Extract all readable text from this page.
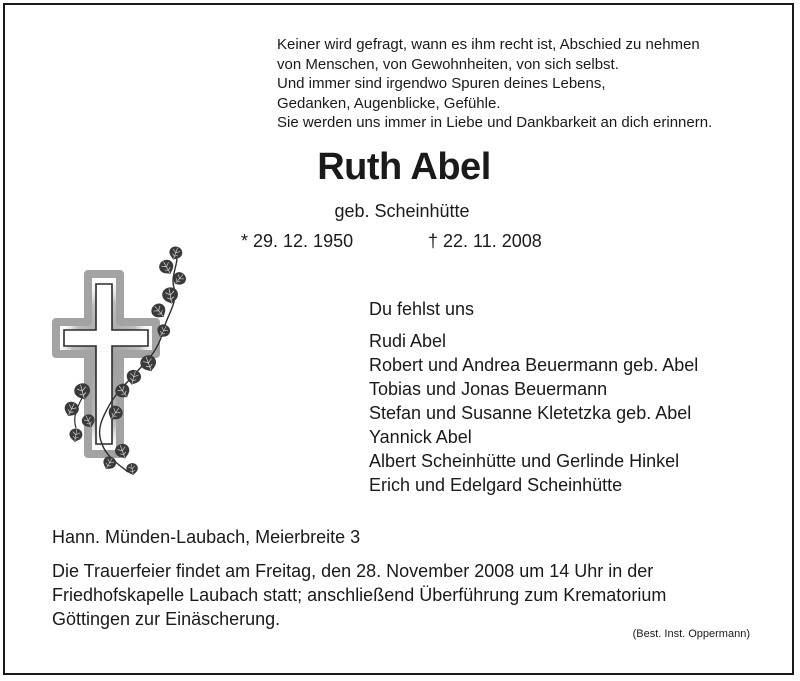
Keiner wird gefragt, wann es ihm recht ist, Abschied zu nehmen
von Menschen, von Gewohnheiten, von sich selbst.
Und immer sind irgendwo Spuren deines Lebens,
Gedanken, Augenblicke, Gefühle.
Sie werden uns immer in Liebe und Dankbarkeit an dich erinnern.
Ruth Abel
geb. Scheinhütte
* 29. 12. 1950	† 22. 11. 2008
Du fehlst uns
Rudi Abel
Robert und Andrea Beuermann geb. Abel
Tobias und Jonas Beuermann
Stefan und Susanne Kletetzka geb. Abel
Yannick Abel
Albert Scheinhütte und Gerlinde Hinkel
Erich und Edelgard Scheinhütte
Hann. Münden-Laubach, Meierbreite 3
Die Trauerfeier findet am Freitag, den 28. November 2008 um 14 Uhr in der
Friedhofskapelle Laubach statt; anschließend Überführung zum Krematorium
Göttingen zur Einäscherung.
(Best. Inst. Oppermann)
